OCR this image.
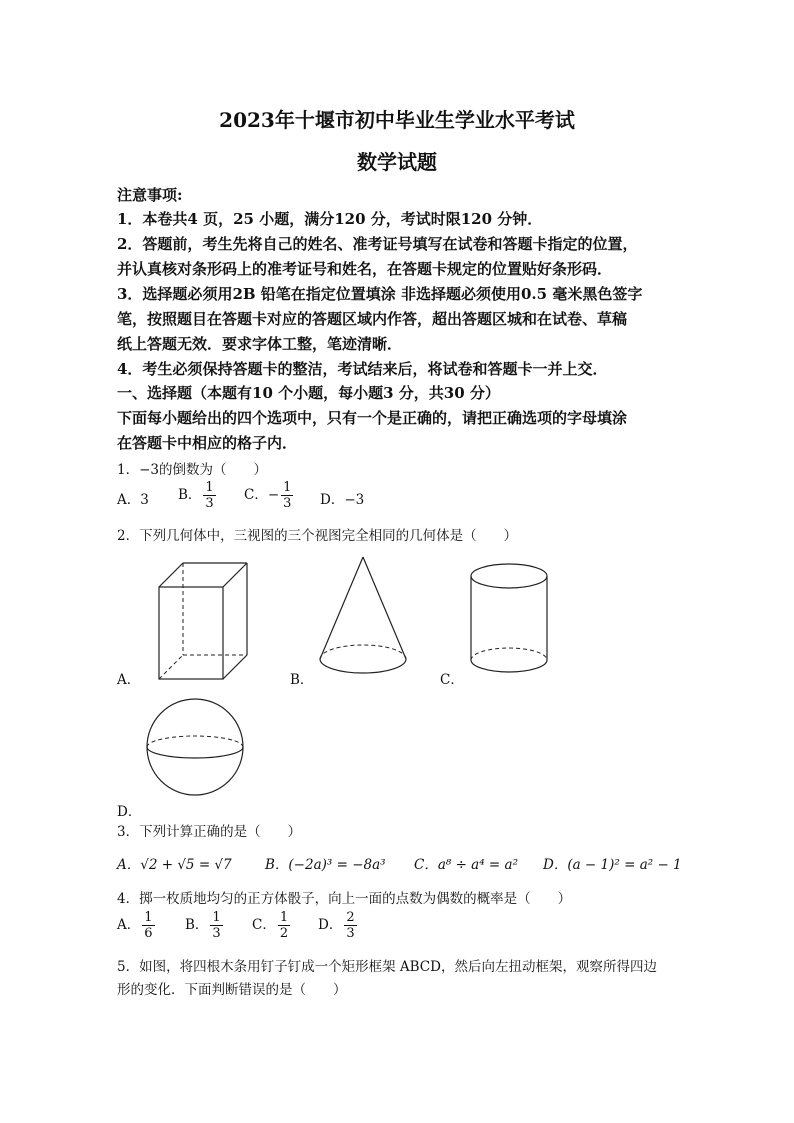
2023年十堰市初中毕业生学业水平考试
数学试题
注意事项:
1．本卷共4 页，25 小题，满分120 分，考试时限120 分钟．
2．答题前，考生先将自己的姓名、准考证号填写在试卷和答题卡指定的位置，
并认真核对条形码上的准考证号和姓名，在答题卡规定的位置贴好条形码．
3．选择题必须用2B 铅笔在指定位置填涂 非选择题必须使用0.5 毫米黑色签字
笔，按照题目在答题卡对应的答题区域内作答，超出答题区城和在试卷、草稿
纸上答题无效．要求字体工整，笔迹清晰．
4．考生必须保持答题卡的整洁，考试结来后，将试卷和答题卡一并上交．
一、选择题（本题有10 个小题，每小题3 分，共30 分）
下面每小题给出的四个选项中，只有一个是正确的，请把正确选项的字母填涂
在答题卡中相应的格子内．
1．−3的倒数为（　　）
A．3 B． $\frac{1}{3}$ C．− $\frac{1}{3}$ D．−3
2．下列几何体中，三视图的三个视图完全相同的几何体是（　　）
A．	B．	C．
D．
3．下列计算正确的是（　　）
A．√2 + √5 = √7 B．(−2a)³ = −8a³ C．a⁸ ÷ a⁴ = a² D．(a − 1)² = a² − 1
4．掷一枚质地均匀的正方体骰子，向上一面的点数为偶数的概率是（　　）
A． $\frac{1}{6}$ B． $\frac{1}{3}$ C． $\frac{1}{2}$ D． $\frac{2}{3}$
5．如图，将四根木条用钉子钉成一个矩形框架 ABCD，然后向左扭动框架，观察所得四边
形的变化．下面判断错误的是（　　）
